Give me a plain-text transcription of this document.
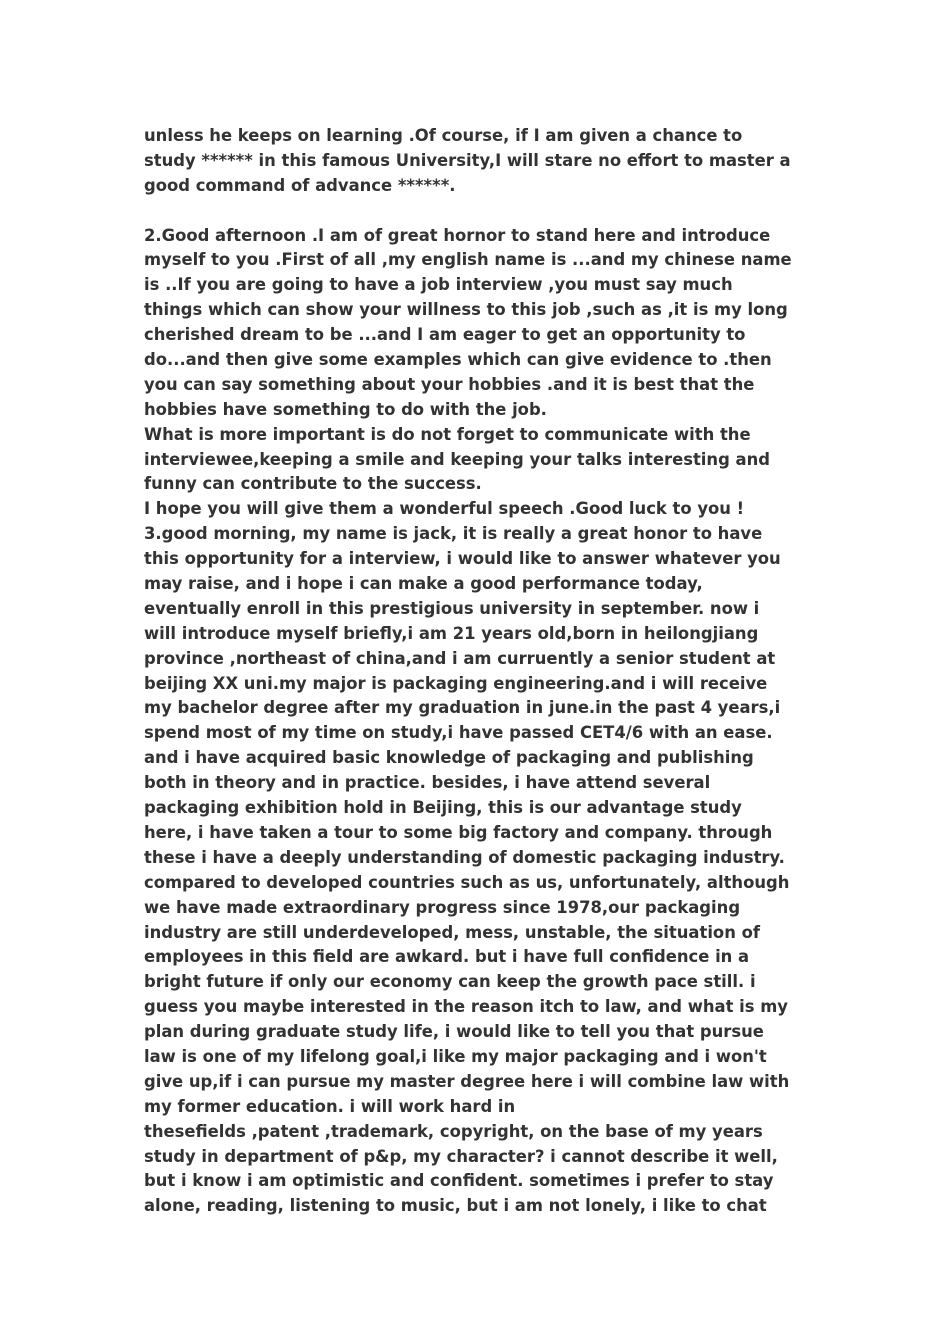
unless he keeps on learning .Of course, if I am given a chance to
study ****** in this famous University,I will stare no effort to master a
good command of advance ******.
2.Good afternoon .I am of great hornor to stand here and introduce
myself to you .First of all ,my english name is ...and my chinese name
is ..If you are going to have a job interview ,you must say much
things which can show your willness to this job ,such as ,it is my long
cherished dream to be ...and I am eager to get an opportunity to
do...and then give some examples which can give evidence to .then
you can say something about your hobbies .and it is best that the
hobbies have something to do with the job.
What is more important is do not forget to communicate with the
interviewee,keeping a smile and keeping your talks interesting and
funny can contribute to the success.
I hope you will give them a wonderful speech .Good luck to you !
3.good morning, my name is jack, it is really a great honor to have
this opportunity for a interview, i would like to answer whatever you
may raise, and i hope i can make a good performance today,
eventually enroll in this prestigious university in september. now i
will introduce myself briefly,i am 21 years old,born in heilongjiang
province ,northeast of china,and i am curruently a senior student at
beijing XX uni.my major is packaging engineering.and i will receive
my bachelor degree after my graduation in june.in the past 4 years,i
spend most of my time on study,i have passed CET4/6 with an ease.
and i have acquired basic knowledge of packaging and publishing
both in theory and in practice. besides, i have attend several
packaging exhibition hold in Beijing, this is our advantage study
here, i have taken a tour to some big factory and company. through
these i have a deeply understanding of domestic packaging industry.
compared to developed countries such as us, unfortunately, although
we have made extraordinary progress since 1978,our packaging
industry are still underdeveloped, mess, unstable, the situation of
employees in this field are awkard. but i have full confidence in a
bright future if only our economy can keep the growth pace still. i
guess you maybe interested in the reason itch to law, and what is my
plan during graduate study life, i would like to tell you that pursue
law is one of my lifelong goal,i like my major packaging and i won't
give up,if i can pursue my master degree here i will combine law with
my former education. i will work hard in
thesefields ,patent ,trademark, copyright, on the base of my years
study in department of p&p, my character? i cannot describe it well,
but i know i am optimistic and confident. sometimes i prefer to stay
alone, reading, listening to music, but i am not lonely, i like to chat
